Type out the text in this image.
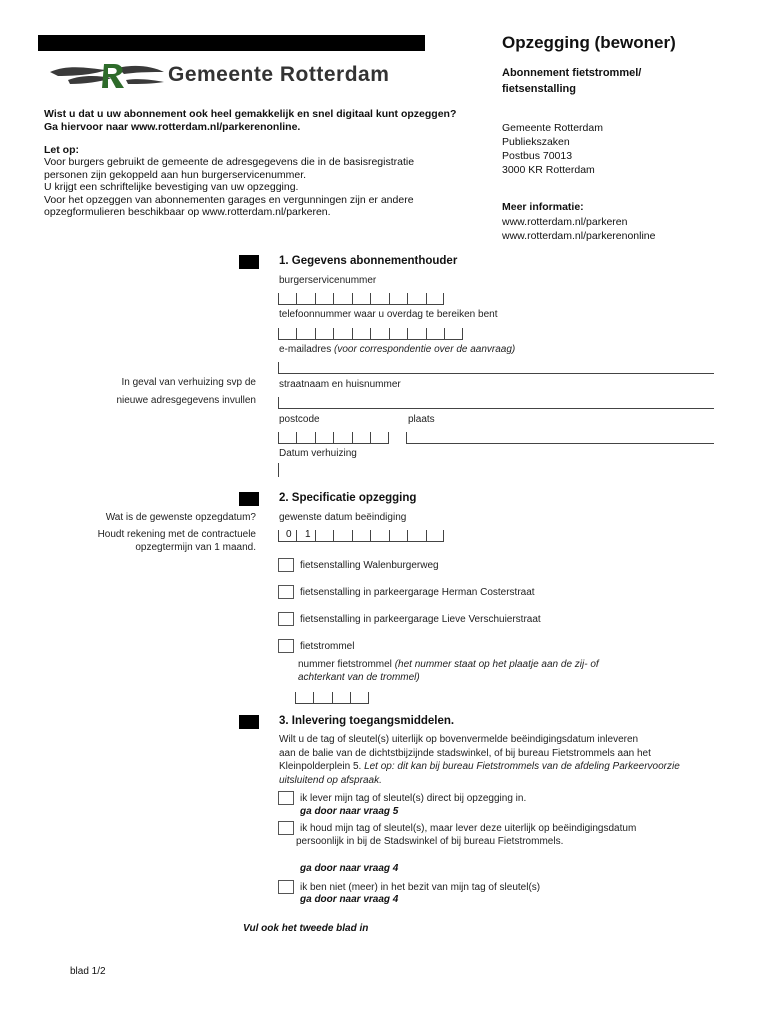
Opzegging (bewoner)
Gemeente Rotterdam	Abonnement fietstrommel/
fietsenstalling
Wist u dat u uw abonnement ook heel gemakkelijk en snel digitaal kunt opzeggen?
Ga hiervoor naar www.rotterdam.nl/parkerenonline.
Let op:
Voor burgers gebruikt de gemeente de adresgegevens die in de basisregistratie
personen zijn gekoppeld aan hun burgerservicenummer.
U krijgt een schriftelijke bevestiging van uw opzegging.
Voor het opzeggen van abonnementen garages en vergunningen zijn er andere
opzegformulieren beschikbaar op www.rotterdam.nl/parkeren.
Gemeente Rotterdam
Publiekszaken
Postbus 70013
3000 KR Rotterdam
Meer informatie:
www.rotterdam.nl/parkeren
www.rotterdam.nl/parkerenonline
1. Gegevens abonnementhouder
burgerservicenummer
telefoonnummer waar u overdag te bereiken bent
e-mailadres (voor correspondentie over de aanvraag)
In geval van verhuizing svp de
nieuwe adresgegevens invullen
straatnaam en huisnummer
postcode	plaats
Datum verhuizing
2. Specificatie opzegging
Wat is de gewenste opzegdatum?
Houdt rekening met de contractuele
opzegtermijn van 1 maand.
gewenste datum beëindiging
0 1
fietsenstalling Walenburgerweg
fietsenstalling in parkeergarage Herman Costerstraat
fietsenstalling in parkeergarage Lieve Verschuierstraat
fietstrommel
nummer fietstrommel (het nummer staat op het plaatje aan de zij- of
achterkant van de trommel)
3. Inlevering toegangsmiddelen.
Wilt u de tag of sleutel(s) uiterlijk op bovenvermelde beëindigingsdatum inleveren
aan de balie van de dichtstbijzijnde stadswinkel, of bij bureau Fietstrommels aan het
Kleinpolderplein 5. Let op: dit kan bij bureau Fietstrommels van de afdeling Parkeervoorzie
uitsluitend op afspraak.
ik lever mijn tag of sleutel(s) direct bij opzegging in.
ga door naar vraag 5
ik houd mijn tag of sleutel(s), maar lever deze uiterlijk op beëindigingsdatum
persoonlijk in bij de Stadswinkel of bij bureau Fietstrommels.
ga door naar vraag 4
ik ben niet (meer) in het bezit van mijn tag of sleutel(s)
ga door naar vraag 4
Vul ook het tweede blad in
blad 1/2
